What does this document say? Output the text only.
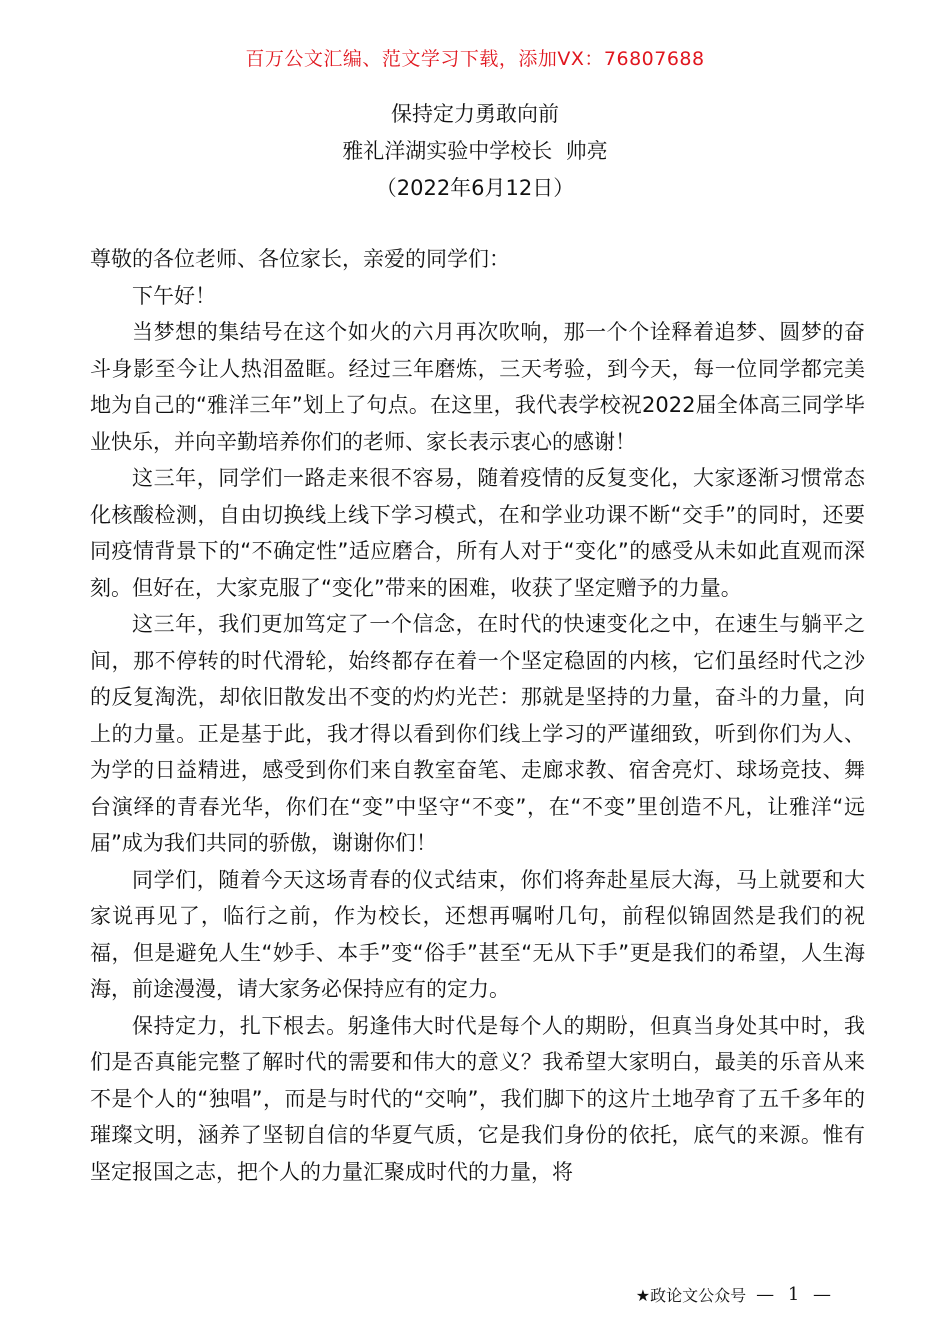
百万公文汇编、范文学习下载，添加VX：76807688
保持定力勇敢向前
雅礼洋湖实验中学校长  帅亮
（2022年6月12日）

尊敬的各位老师、各位家长，亲爱的同学们：

下午好！

当梦想的集结号在这个如火的六月再次吹响，那一个个诠释着追梦、圆梦的奋斗身影至今让人热泪盈眶。经过三年磨炼，三天考验，到今天，每一位同学都完美地为自己的“雅洋三年”划上了句点。在这里，我代表学校祝2022届全体高三同学毕业快乐，并向辛勤培养你们的老师、家长表示衷心的感谢！

这三年，同学们一路走来很不容易，随着疫情的反复变化，大家逐渐习惯常态化核酸检测，自由切换线上线下学习模式，在和学业功课不断“交手”的同时，还要同疫情背景下的“不确定性”适应磨合，所有人对于“变化”的感受从未如此直观而深刻。但好在，大家克服了“变化”带来的困难，收获了坚定赠予的力量。

这三年，我们更加笃定了一个信念，在时代的快速变化之中，在速生与躺平之间，那不停转的时代滑轮，始终都存在着一个坚定稳固的内核，它们虽经时代之沙的反复淘洗，却依旧散发出不变的灼灼光芒：那就是坚持的力量，奋斗的力量，向上的力量。正是基于此，我才得以看到你们线上学习的严谨细致，听到你们为人、为学的日益精进，感受到你们来自教室奋笔、走廊求教、宿舍亮灯、球场竞技、舞台演绎的青春光华，你们在“变”中坚守“不变”，在“不变”里创造不凡，让雅洋“远届”成为我们共同的骄傲，谢谢你们！

同学们，随着今天这场青春的仪式结束，你们将奔赴星辰大海，马上就要和大家说再见了，临行之前，作为校长，还想再嘱咐几句，前程似锦固然是我们的祝福，但是避免人生“妙手、本手”变“俗手”甚至“无从下手”更是我们的希望，人生海海，前途漫漫，请大家务必保持应有的定力。

保持定力，扎下根去。躬逢伟大时代是每个人的期盼，但真当身处其中时，我们是否真能完整了解时代的需要和伟大的意义？我希望大家明白，最美的乐音从来不是个人的“独唱”，而是与时代的“交响”，我们脚下的这片土地孕育了五千多年的璀璨文明，涵养了坚韧自信的华夏气质，它是我们身份的依托，底气的来源。惟有坚定报国之志，把个人的力量汇聚成时代的力量，将

★政论文公众号 — 1 —
